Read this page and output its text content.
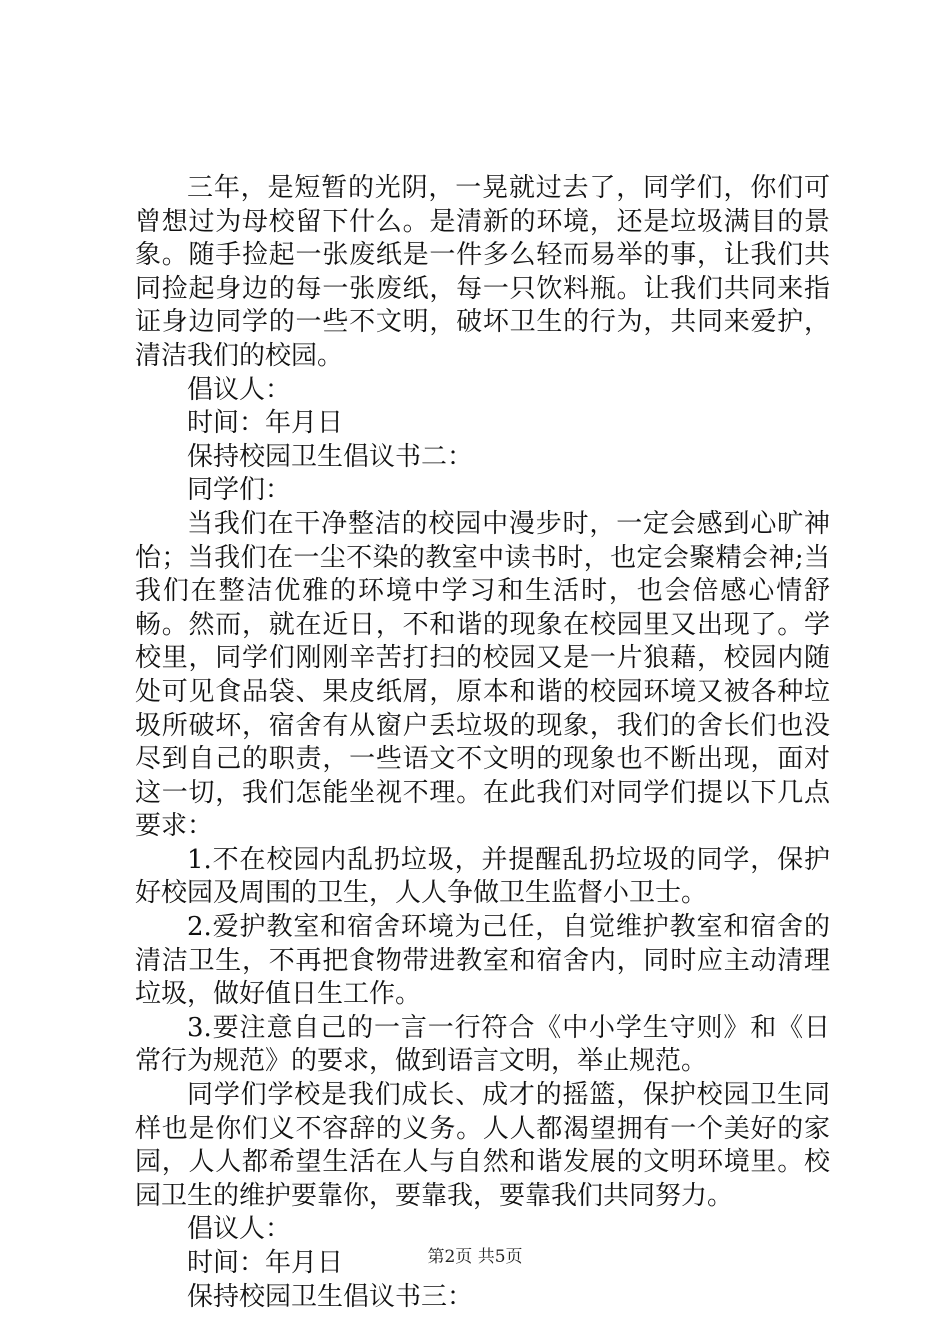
三年，是短暂的光阴，一晃就过去了，同学们，你们可曾想过为母校留下什么。是清新的环境，还是垃圾满目的景象。随手捡起一张废纸是一件多么轻而易举的事，让我们共同捡起身边的每一张废纸，每一只饮料瓶。让我们共同来指证身边同学的一些不文明，破坏卫生的行为，共同来爱护，清洁我们的校园。

倡议人：

时间：年月日

保持校园卫生倡议书二：

同学们：

当我们在干净整洁的校园中漫步时，一定会感到心旷神怡；当我们在一尘不染的教室中读书时，也定会聚精会神;当我们在整洁优雅的环境中学习和生活时，也会倍感心情舒畅。然而，就在近日，不和谐的现象在校园里又出现了。学校里，同学们刚刚辛苦打扫的校园又是一片狼藉，校园内随处可见食品袋、果皮纸屑，原本和谐的校园环境又被各种垃圾所破坏，宿舍有从窗户丢垃圾的现象，我们的舍长们也没尽到自己的职责，一些语文不文明的现象也不断出现，面对这一切，我们怎能坐视不理。在此我们对同学们提以下几点要求：

1.不在校园内乱扔垃圾，并提醒乱扔垃圾的同学，保护好校园及周围的卫生，人人争做卫生监督小卫士。

2.爱护教室和宿舍环境为己任，自觉维护教室和宿舍的清洁卫生，不再把食物带进教室和宿舍内，同时应主动清理垃圾，做好值日生工作。

3.要注意自己的一言一行符合《中小学生守则》和《日常行为规范》的要求，做到语言文明，举止规范。

同学们学校是我们成长、成才的摇篮，保护校园卫生同样也是你们义不容辞的义务。人人都渴望拥有一个美好的家园，人人都希望生活在人与自然和谐发展的文明环境里。校园卫生的维护要靠你，要靠我，要靠我们共同努力。

倡议人：

时间：年月日

保持校园卫生倡议书三：

第2页 共5页
